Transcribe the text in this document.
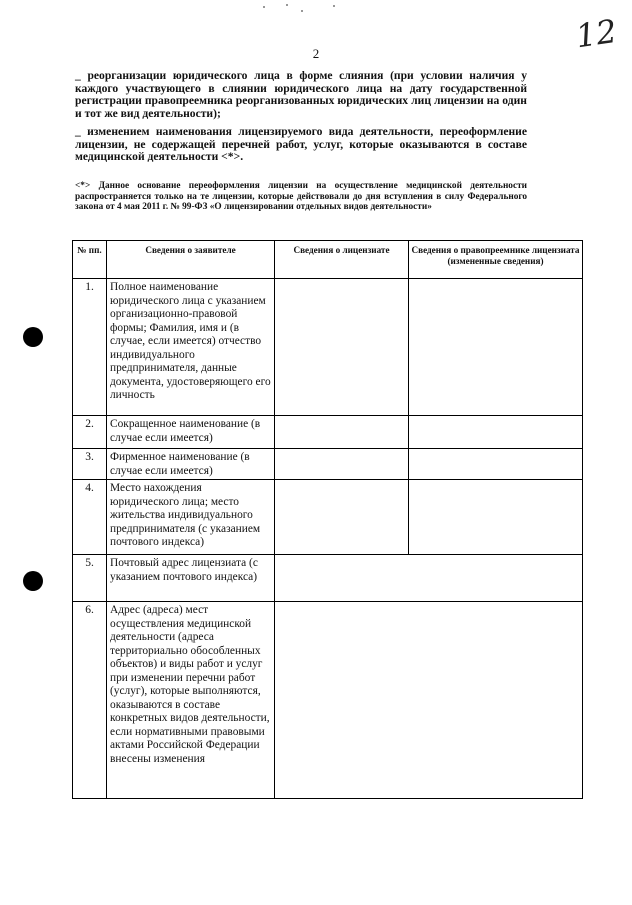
12
2
_ реорганизации юридического лица в форме слияния (при условии наличия у каждого участвующего в слиянии юридического лица на дату государственной регистрации правопреемника реорганизованных юридических лиц лицензии на один и тот же вид деятельности);
_ изменением наименования лицензируемого вида деятельности, переоформление лицензии, не содержащей перечней работ, услуг, которые оказываются в составе медицинской деятельности <*>.
<*> Данное основание переоформления лицензии на осуществление медицинской деятельности распространяется только на те лицензии, которые действовали до дня вступления в силу Федерального закона от 4 мая 2011 г. № 99-ФЗ «О лицензировании отдельных видов деятельности»
№ пп.	Сведения о заявителе	Сведения о лицензиате	Сведения о правопреемнике лицензиата (измененные сведения)
1.	Полное наименование юридического лица с указанием организационно-правовой формы; Фамилия, имя и (в случае, если имеется) отчество индивидуального предпринимателя, данные документа, удостоверяющего его личность		
2.	Сокращенное наименование (в случае если имеется)		
3.	Фирменное наименование (в случае если имеется)		
4.	Место нахождения юридического лица; место жительства индивидуального предпринимателя (с указанием почтового индекса)		
5.	Почтовый адрес лицензиата (с указанием почтового индекса)		
6.	Адрес (адреса) мест осуществления медицинской деятельности (адреса территориально обособленных объектов) и виды работ и услуг при изменении перечни работ (услуг), которые выполняются, оказываются в составе конкретных видов деятельности, если нормативными правовыми актами Российской Федерации внесены изменения		
